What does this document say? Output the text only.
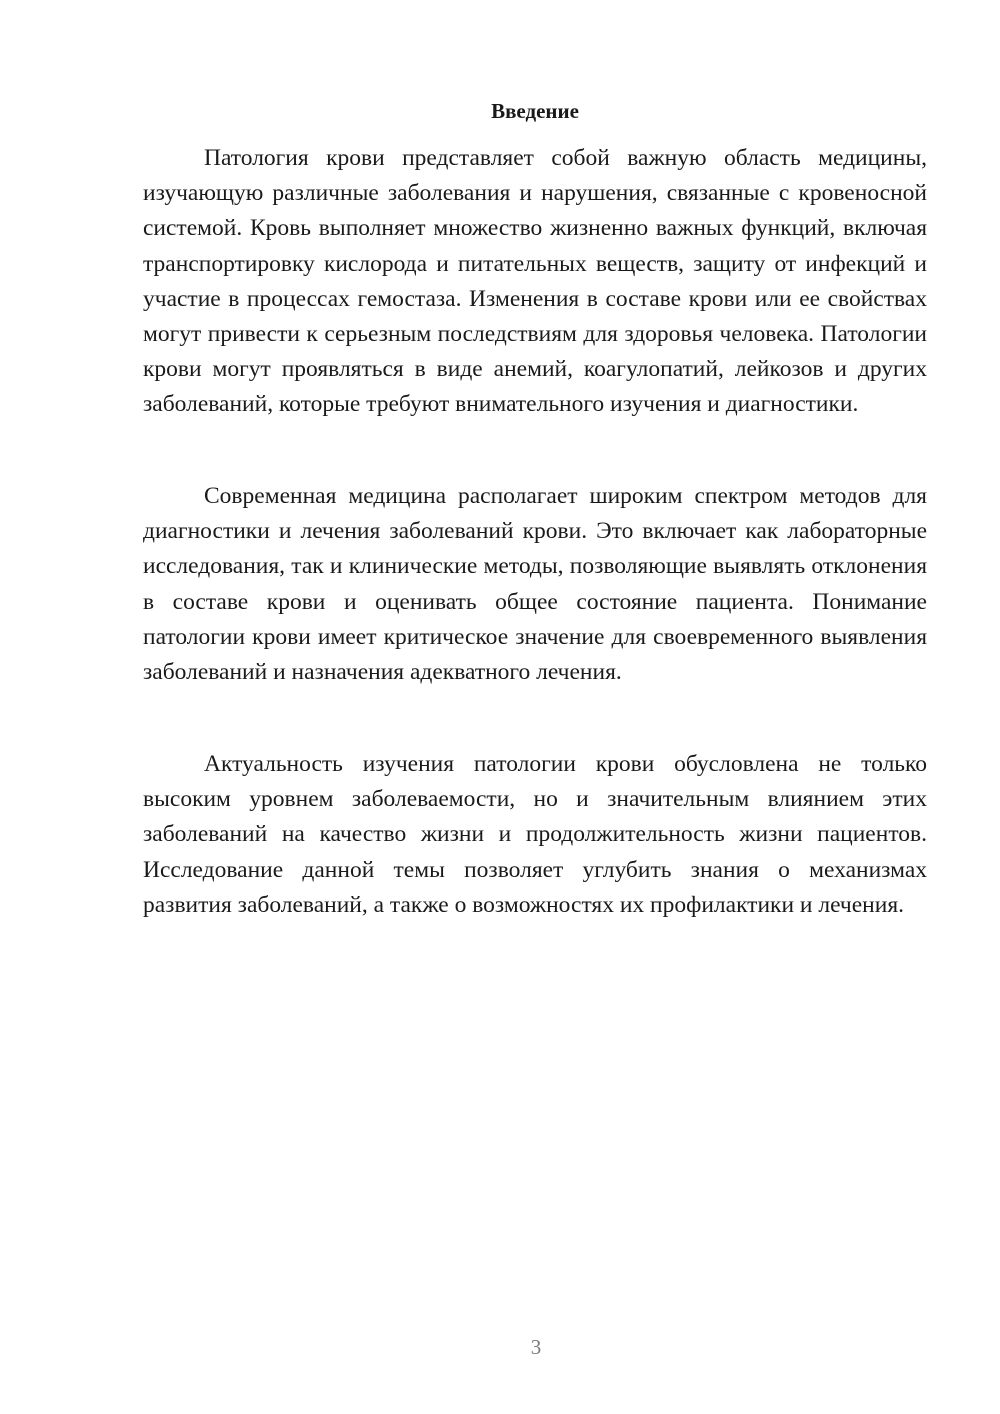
Введение

Патология крови представляет собой важную область медицины, изучающую различные заболевания и нарушения, связанные с кровеносной системой. Кровь выполняет множество жизненно важных функций, включая транспортировку кислорода и питательных веществ, защиту от инфекций и участие в процессах гемостаза. Изменения в составе крови или ее свойствах могут привести к серьезным последствиям для здоровья человека. Патологии крови могут проявляться в виде анемий, коагулопатий, лейкозов и других заболеваний, которые требуют внимательного изучения и диагностики.

Современная медицина располагает широким спектром методов для диагностики и лечения заболеваний крови. Это включает как лабораторные исследования, так и клинические методы, позволяющие выявлять отклонения в составе крови и оценивать общее состояние пациента. Понимание патологии крови имеет критическое значение для своевременного выявления заболеваний и назначения адекватного лечения.

Актуальность изучения патологии крови обусловлена не только высоким уровнем заболеваемости, но и значительным влиянием этих заболеваний на качество жизни и продолжительность жизни пациентов. Исследование данной темы позволяет углубить знания о механизмах развития заболеваний, а также о возможностях их профилактики и лечения.

3
